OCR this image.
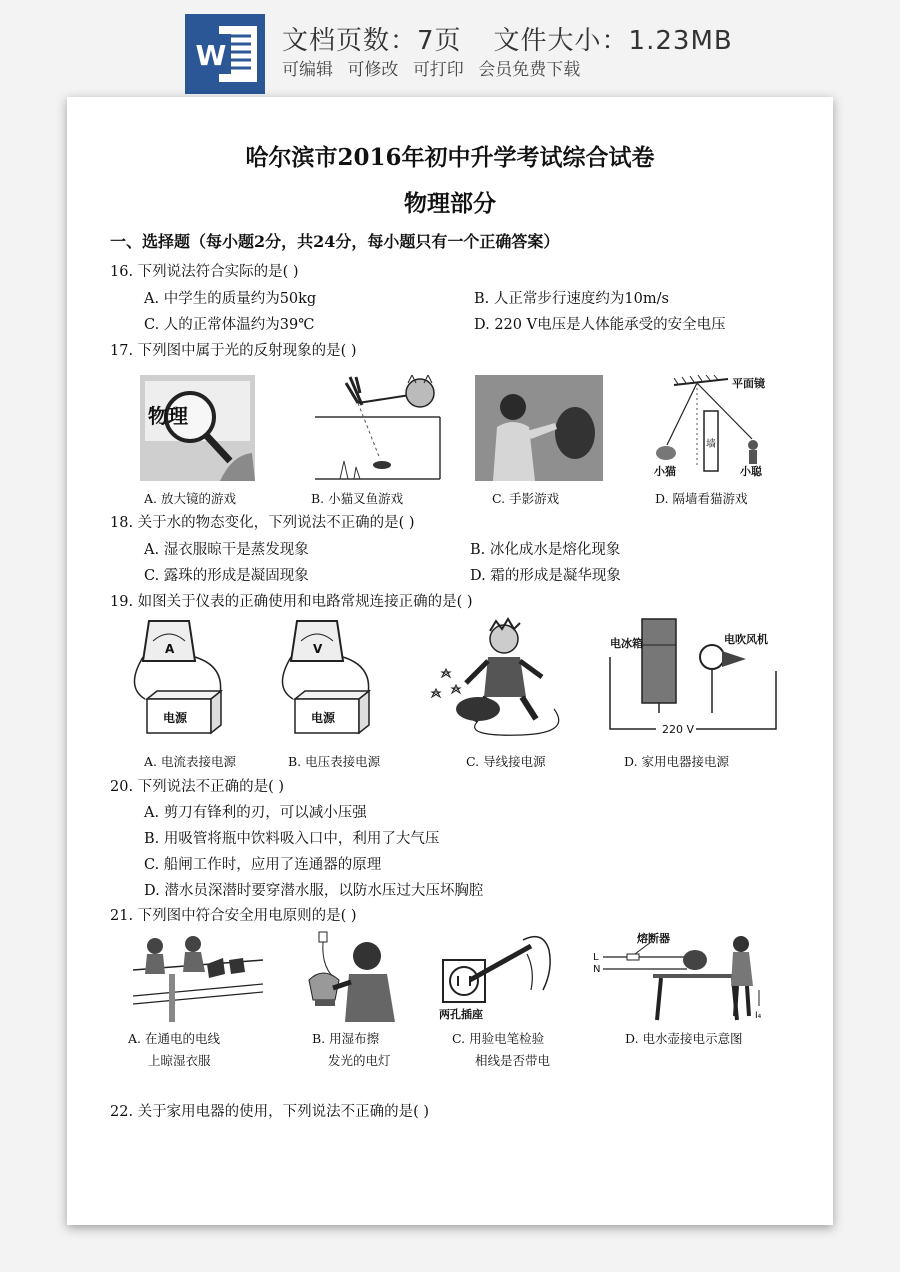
W 文档页数：7页 文件大小：1.23MB
可编辑 可修改 可打印 会员免费下载
哈尔滨市2016年初中升学考试综合试卷
物理部分
一、选择题（每小题2分，共24分，每小题只有一个正确答案）
16. 下列说法符合实际的是( )
A. 中学生的质量约为50kg	B. 人正常步行速度约为10m/s
C. 人的正常体温约为39℃	D. 220 V电压是人体能承受的安全电压
17. 下列图中属于光的反射现象的是( )
物理
平面镜
墙
小猫	小聪
A. 放大镜的游戏	B. 小猫叉鱼游戏	C. 手影游戏	D. 隔墙看猫游戏
18. 关于水的物态变化，下列说法不正确的是( )
A. 湿衣服晾干是蒸发现象	B. 冰化成水是熔化现象
C. 露珠的形成是凝固现象	D. 霜的形成是凝华现象
19. 如图关于仪表的正确使用和电路常规连接正确的是( )
A
电源
V
电源
电冰箱	电吹风机
220 V
A. 电流表接电源	B. 电压表接电源	C. 导线接电源	D. 家用电器接电源
20. 下列说法不正确的是( )
A. 剪刀有锋利的刃，可以减小压强
B. 用吸管将瓶中饮料吸入口中，利用了大气压
C. 船闸工作时，应用了连通器的原理
D. 潜水员深潜时要穿潜水服，以防水压过大压坏胸腔
21. 下列图中符合安全用电原则的是( )
两孔插座
熔断器
L
N
I₄
A. 在通电的电线
上晾湿衣服
B. 用湿布擦
发光的电灯
C. 用验电笔检验
相线是否带电
D. 电水壶接电示意图
22. 关于家用电器的使用，下列说法不正确的是( )
